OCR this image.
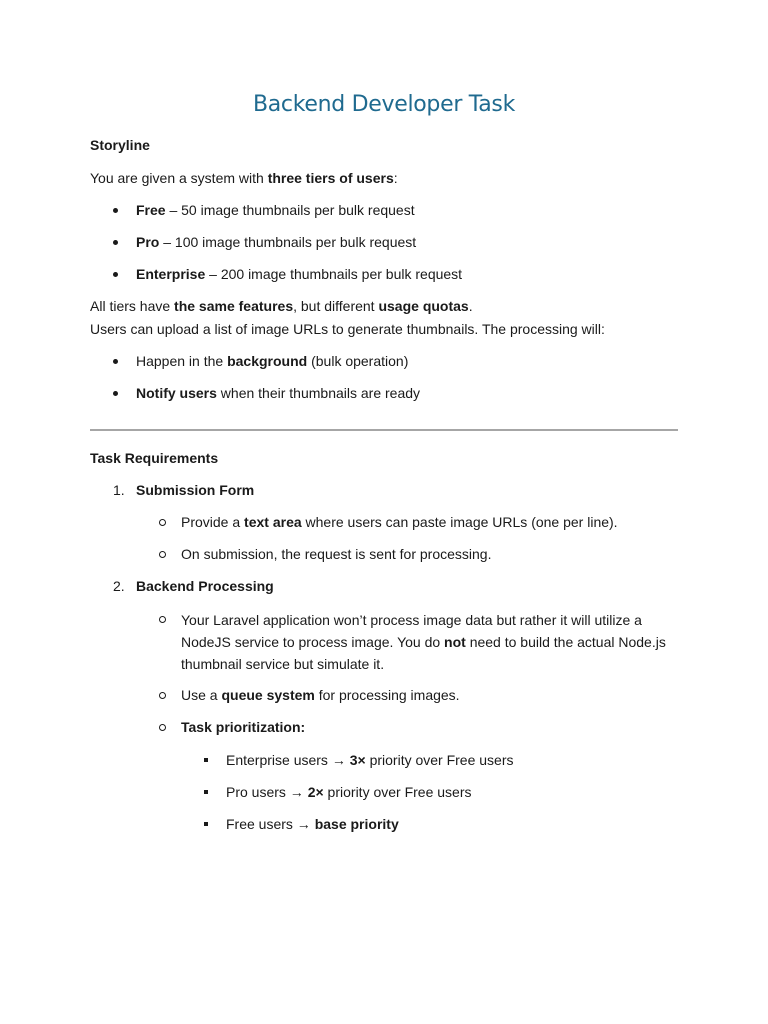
Backend Developer Task
Storyline
You are given a system with three tiers of users:
Free – 50 image thumbnails per bulk request
Pro – 100 image thumbnails per bulk request
Enterprise – 200 image thumbnails per bulk request
All tiers have the same features, but different usage quotas.
Users can upload a list of image URLs to generate thumbnails. The processing will:
Happen in the background (bulk operation)
Notify users when their thumbnails are ready
Task Requirements
1. Submission Form
Provide a text area where users can paste image URLs (one per line).
On submission, the request is sent for processing.
2. Backend Processing
Your Laravel application won’t process image data but rather it will utilize a NodeJS service to process image. You do not need to build the actual Node.js thumbnail service but simulate it.
Use a queue system for processing images.
Task prioritization:
Enterprise users → 3× priority over Free users
Pro users → 2× priority over Free users
Free users → base priority
